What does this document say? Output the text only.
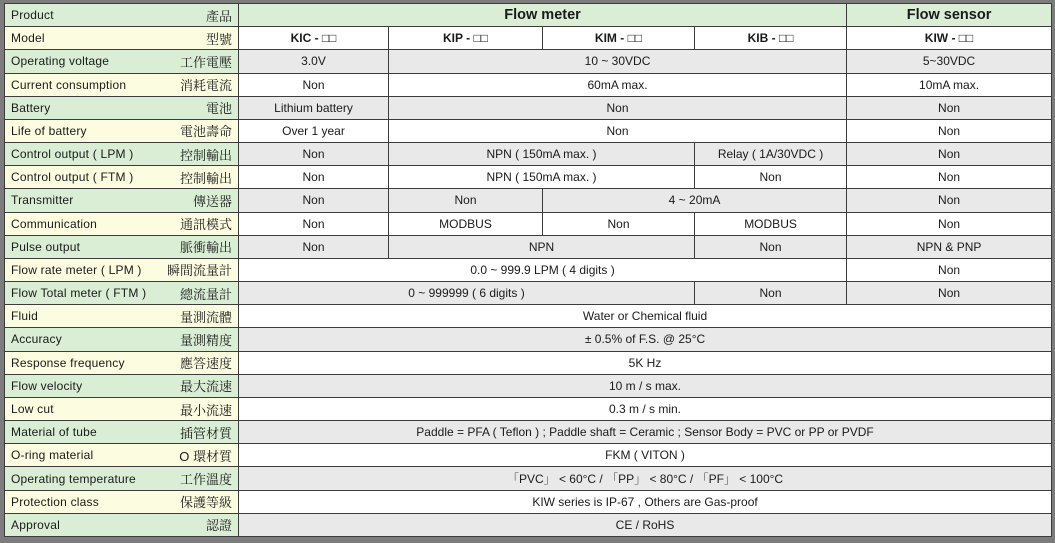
Product 產品	Flow meter				Flow sensor

Model 型號	KIC - □□	KIP - □□	KIM - □□	KIB - □□	KIW - □□

Operating voltage 工作電壓	3.0V	10 ~ 30VDC			5~30VDC

Current consumption 消耗電流	Non	60mA max.			10mA max.

Battery 電池	Lithium battery	Non			Non

Life of battery 電池壽命	Over 1 year	Non			Non

Control output ( LPM ) 控制輸出	Non	NPN ( 150mA max. )		Relay ( 1A/30VDC )	Non

Control output ( FTM ) 控制輸出	Non	NPN ( 150mA max. )		Non	Non

Transmitter 傳送器	Non	Non	4 ~ 20mA		Non

Communication 通訊模式	Non	MODBUS	Non	MODBUS	Non

Pulse output 脈衝輸出	Non	NPN		Non	NPN & PNP

Flow rate meter ( LPM ) 瞬間流量計	0.0 ~ 999.9 LPM ( 4 digits )				Non

Flow Total meter ( FTM ) 總流量計	0 ~ 999999 ( 6 digits )			Non	Non

Fluid 量測流體	Water or Chemical fluid				

Accuracy 量測精度	± 0.5% of F.S. @ 25°C				

Response frequency 應答速度	5K Hz				

Flow velocity 最大流速	10 m / s max.				

Low cut 最小流速	0.3 m / s min.				

Material of tube 插管材質	Paddle = PFA ( Teflon ) ; Paddle shaft = Ceramic ; Sensor Body = PVC or PP or PVDF				

O-ring material O 環材質	FKM ( VITON )				

Operating temperature 工作溫度	「PVC」 < 60°C / 「PP」 < 80°C / 「PF」 < 100°C				

Protection class 保護等級	KIW series is IP-67 , Others are Gas-proof				

Approval 認證	CE / RoHS				
